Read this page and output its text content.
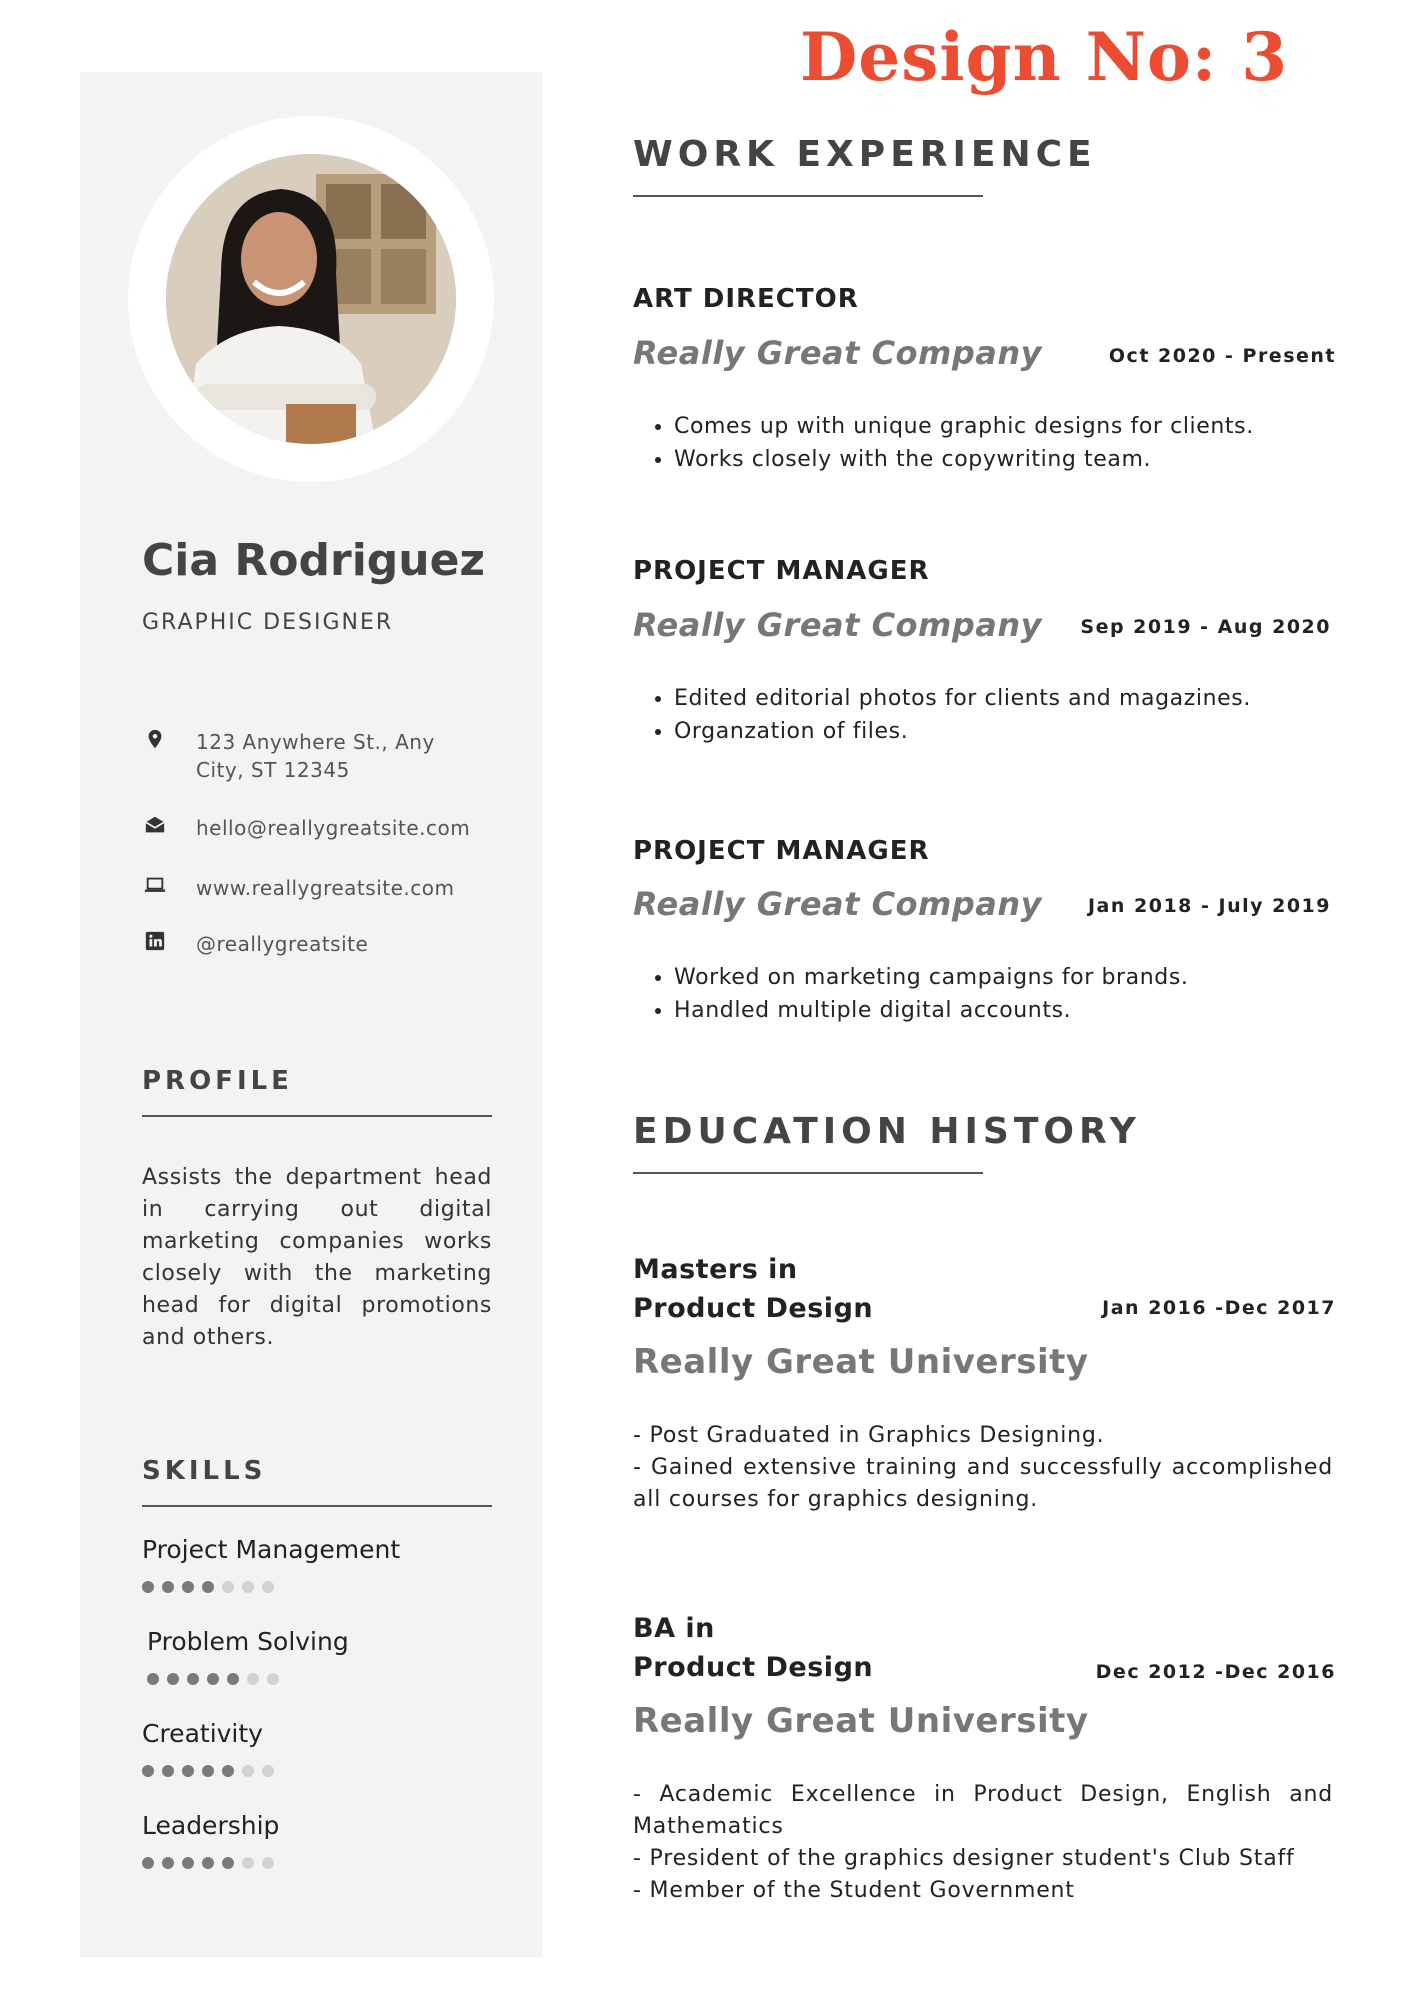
Design No: 3
Cia Rodriguez
GRAPHIC DESIGNER
123 Anywhere St., Any City, ST 12345
hello@reallygreatsite.com
www.reallygreatsite.com
@reallygreatsite
PROFILE
Assists the department head in carrying out digital marketing companies works closely with the marketing head for digital promotions and others.
SKILLS
Project Management
Problem Solving
Creativity
Leadership
WORK EXPERIENCE
ART DIRECTOR
Really Great Company	Oct 2020 - Present
• Comes up with unique graphic designs for clients.
• Works closely with the copywriting team.
PROJECT MANAGER
Really Great Company Sep 2019 - Aug 2020
• Edited editorial photos for clients and magazines.
• Organzation of files.
PROJECT MANAGER
Really Great Company Jan 2018 - July 2019
• Worked on marketing campaigns for brands.
• Handled multiple digital accounts.
EDUCATION HISTORY
Masters in
Product Design	Jan 2016 -Dec 2017
Really Great University
- Post Graduated in Graphics Designing.
- Gained extensive training and successfully accomplished all courses for graphics designing.
BA in
Product Design	Dec 2012 -Dec 2016
Really Great University
- Academic Excellence in Product Design, English and Mathematics
- President of the graphics designer student's Club Staff
- Member of the Student Government
